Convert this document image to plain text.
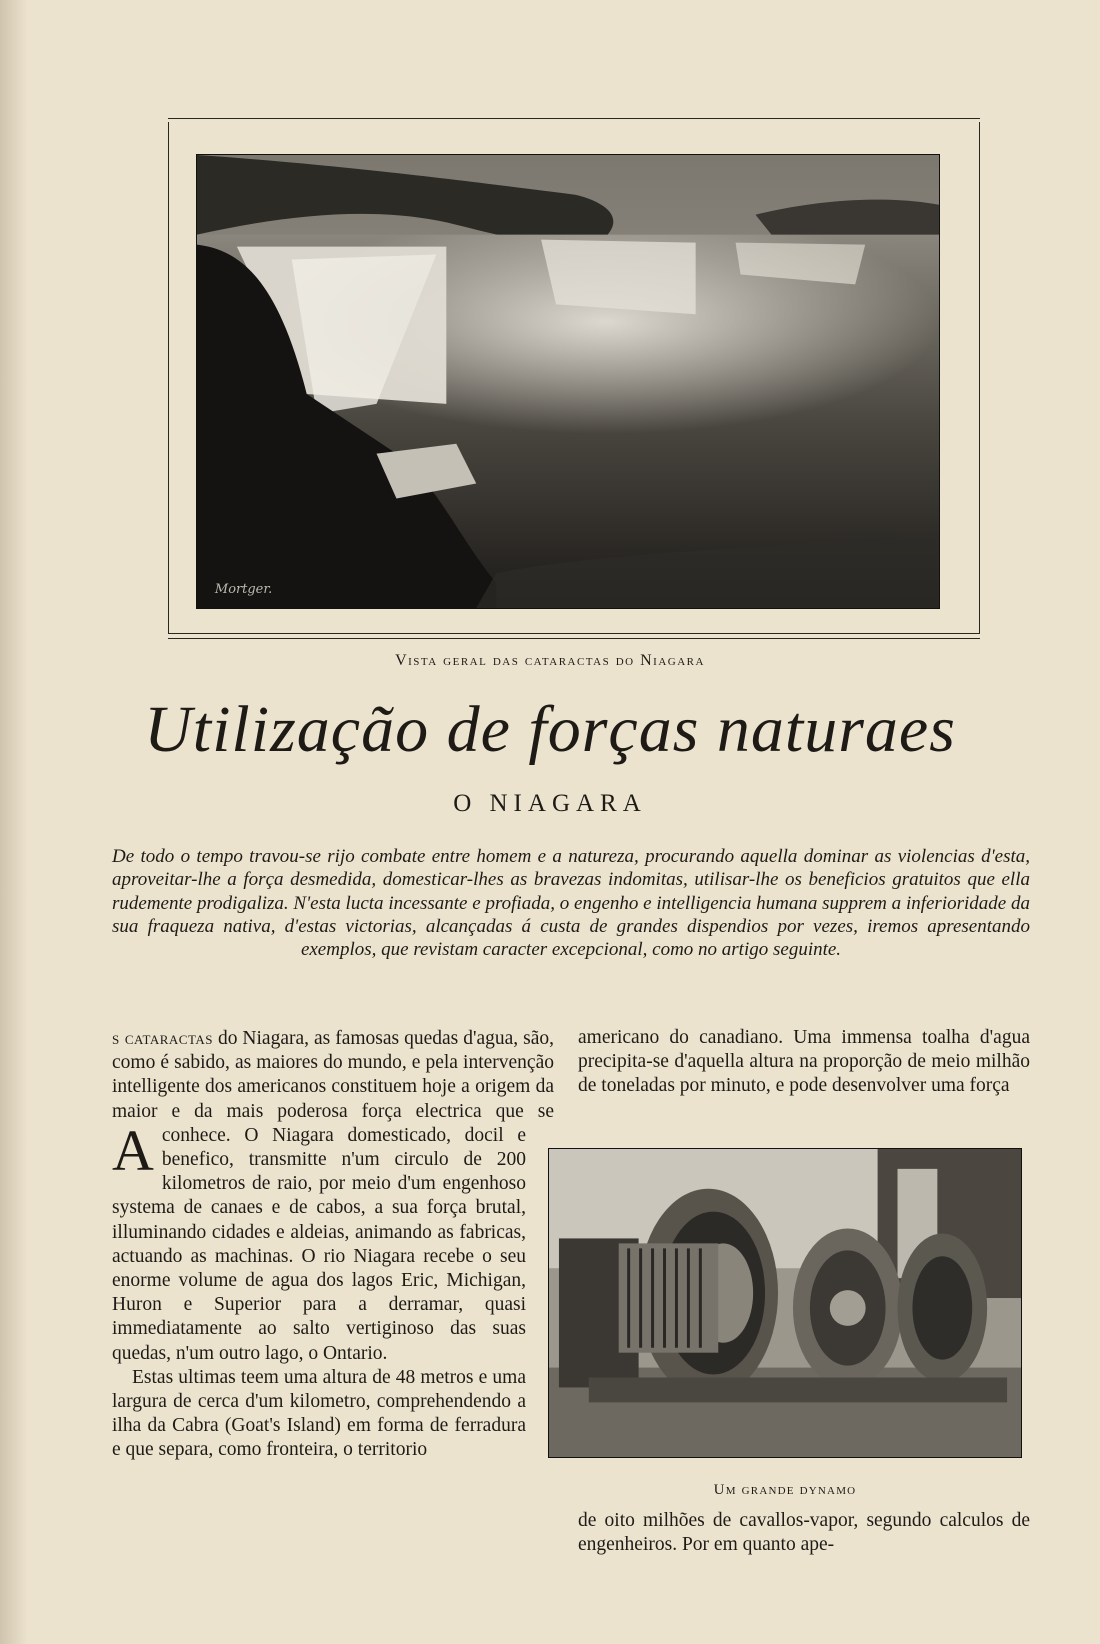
Mortger.
Vista geral das cataractas do Niagara
Utilização de forças naturaes
O NIAGARA
De todo o tempo travou-se rijo combate entre homem e a natureza, procurando aquella dominar as violencias d'esta, aproveitar-lhe a força desmedida, domesticar-lhes as bravezas indomitas, utilisar-lhe os beneficios gratuitos que ella rudemente prodigaliza. N'esta lucta incessante e profiada, o engenho e intelligencia humana supprem a inferioridade da sua fraqueza nativa, d'estas victorias, alcançadas á custa de grandes dispendios por vezes, iremos apresentando exemplos, que revistam caracter excepcional, como no artigo seguinte.

A
s cataractas do Niagara, as famosas quedas d'agua, são, como é sabido, as maiores do mundo, e pela intervenção intelligente dos americanos constituem hoje a origem da maior e da mais poderosa força electrica que se conhece. O Niagara domesticado, docil e benefico, transmitte n'um circulo de 200 kilometros de raio, por meio d'um engenhoso systema de canaes e de cabos, a sua força brutal, illuminando cidades e aldeias, animando as fabricas, actuando as machinas. O rio Niagara recebe o seu enorme volume de agua dos lagos Eric, Michigan, Huron e Superior para a derramar, quasi immediatamente ao salto vertiginoso das suas quedas, n'um outro lago, o Ontario.

Estas ultimas teem uma altura de 48 metros e uma largura de cerca d'um kilometro, comprehendendo a ilha da Cabra (Goat's Island) em forma de ferradura e que separa, como fronteira, o territorio

americano do canadiano. Uma immensa toalha d'agua precipita-se d'aquella altura na proporção de meio milhão de toneladas por minuto, e pode desenvolver uma força
Um grande dynamo
de oito milhões de cavallos-vapor, segundo calculos de engenheiros. Por em quanto ape-
